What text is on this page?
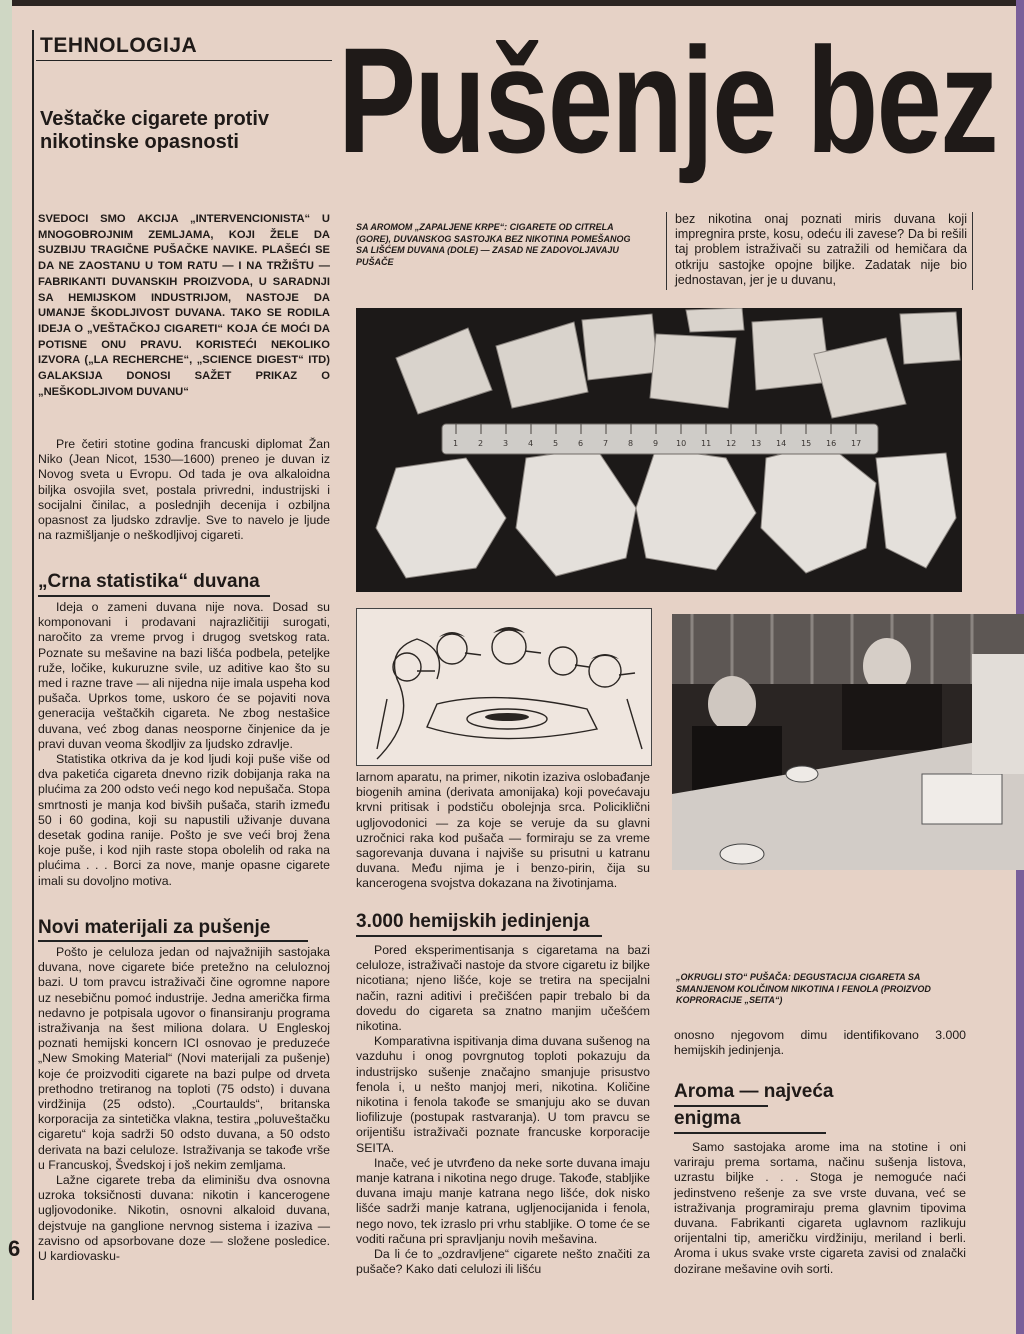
TEHNOLOGIJA
Veštačke cigarete protiv nikotinske opasnosti Pušenje bez
SVEDOCI SMO AKCIJA „INTERVENCIONISTA“ U MNOGOBROJNIM ZEMLJAMA, KOJI ŽELE DA SUZBIJU TRAGIČNE PUŠAČKE NAVIKE. PLAŠEĆI SE DA NE ZAOSTANU U TOM RATU — I NA TRŽIŠTU — FABRIKANTI DUVANSKIH PROIZVODA, U SARADNJI SA HEMIJSKOM INDUSTRIJOM, NASTOJE DA UMANJE ŠKODLJIVOST DUVANA. TAKO SE RODILA IDEJA O „VEŠTAČKOJ CIGARETI“ KOJA ĆE MOĆI DA POTISNE ONU PRAVU. KORISTEĆI NEKOLIKO IZVORA („LA RECHERCHE“, „SCIENCE DIGEST“ ITD) GALAKSIJA DONOSI SAŽET PRIKAZ O „NEŠKODLJIVOM DUVANU“

Pre četiri stotine godina francuski diplomat Žan Niko (Jean Nicot, 1530—1600) preneo je duvan iz Novog sveta u Evropu. Od tada je ova alkaloidna biljka osvojila svet, postala privredni, industrijski i socijalni činilac, a poslednjih decenija i ozbiljna opasnost za ljudsko zdravlje. Sve to navelo je ljude na razmišljanje o neškodljivoj cigareti.

„Crna statistika“ duvana

Ideja o zameni duvana nije nova. Dosad su komponovani i prodavani najrazličitiji surogati, naročito za vreme prvog i drugog svetskog rata. Poznate su mešavine na bazi lišća podbela, peteljke ruže, ločike, kukuruzne svile, uz aditive kao što su med i razne trave — ali nijedna nije imala uspeha kod pušača. Uprkos tome, uskoro će se pojaviti nova generacija veštačkih cigareta. Ne zbog nestašice duvana, već zbog danas neosporne činjenice da je pravi duvan veoma škodljiv za ljudsko zdravlje.

Statistika otkriva da je kod ljudi koji puše više od dva paketića cigareta dnevno rizik dobijanja raka na plućima za 200 odsto veći nego kod nepušača. Stopa smrtnosti je manja kod bivših pušača, starih između 50 i 60 godina, koji su napustili uživanje duvana desetak godina ranije. Pošto je sve veći broj žena koje puše, i kod njih raste stopa obolelih od raka na plućima . . . Borci za nove, manje opasne cigarete imali su dovoljno motiva.

Novi materijali za pušenje

Pošto je celuloza jedan od najvažnijih sastojaka duvana, nove cigarete biće pretežno na celuloznoj bazi. U tom pravcu istraživači čine ogromne napore uz nesebičnu pomoć industrije. Jedna američka firma nedavno je potpisala ugovor o finansiranju programa istraživanja na šest miliona dolara. U Engleskoj poznati hemijski koncern ICI osnovao je preduzeće „New Smoking Material“ (Novi materijali za pušenje) koje će proizvoditi cigarete na bazi pulpe od drveta prethodno tretiranog na toploti (75 odsto) i duvana virdžinija (25 odsto). „Courtaulds“, britanska korporacija za sintetička vlakna, testira „poluveštačku cigaretu“ koja sadrži 50 odsto duvana, a 50 odsto derivata na bazi celuloze. Istraživanja se takođe vrše u Francuskoj, Švedskoj i još nekim zemljama.

Lažne cigarete treba da eliminišu dva osnovna uzroka toksičnosti duvana: nikotin i kancerogene ugljovodonike. Nikotin, osnovni alkaloid duvana, dejstvuje na ganglione nervnog sistema i izaziva — zavisno od apsorbovane doze — složene posledice. U kardiovasku-

6
SA AROMOM „ZAPALJENE KRPE“: CIGARETE OD CITRELA (GORE), DUVANSKOG SASTOJKA BEZ NIKOTINA POMEŠANOG SA LIŠĆEM DUVANA (DOLE) — ZASAD NE ZADOVOLJAVAJU PUŠAČE

bez nikotina onaj poznati miris duvana koji impregnira prste, kosu, odeću ili zavese? Da bi rešili taj problem istraživači su zatražili od hemičara da otkriju sastojke opojne biljke. Zadatak nije bio jednostavan, jer je u duvanu,

1 2 3 4 5 6 7 8 9 10 11 12 13 14 15 16 17

larnom aparatu, na primer, nikotin izaziva oslobađanje biogenih amina (derivata amonijaka) koji povećavaju krvni pritisak i podstiču obolejnja srca. Policiklični ugljovodonici — za koje se veruje da su glavni uzročnici raka kod pušača — formiraju se za vreme sagorevanja duvana i najviše su prisutni u katranu duvana. Među njima je i benzo-pirin, čija su kancerogena svojstva dokazana na životinjama.

3.000 hemijskih jedinjenja

Pored eksperimentisanja s cigaretama na bazi celuloze, istraživači nastoje da stvore cigaretu iz biljke nicotiana; njeno lišće, koje se tretira na specijalni način, razni aditivi i prečišćen papir trebalo bi da dovedu do cigareta sa znatno manjim učešćem nikotina.

Komparativna ispitivanja dima duvana sušenog na vazduhu i onog povrgnutog toploti pokazuju da industrijsko sušenje značajno smanjuje prisustvo fenola i, u nešto manjoj meri, nikotina. Količine nikotina i fenola takođe se smanjuju ako se duvan liofilizuje (postupak rastvaranja). U tom pravcu se orijentišu istraživači poznate francuske korporacije SEITA.

Inače, već je utvrđeno da neke sorte duvana imaju manje katrana i nikotina nego druge. Takođe, stabljike duvana imaju manje katrana nego lišće, dok nisko lišće sadrži manje katrana, ugljenocijanida i fenola, nego novo, tek izraslo pri vrhu stabljike. O tome će se voditi računa pri spravljanju novih mešavina.

Da li će to „ozdravljene“ cigarete nešto značiti za pušače? Kako dati celulozi ili lišću

„OKRUGLI STO“ PUŠAČA: DEGUSTACIJA CIGARETA SA SMANJENOM KOLIČINOM NIKOTINA I FENOLA (PROIZVOD KOPRORACIJE „SEITA“)

onosno njegovom dimu identifikovano 3.000 hemijskih jedinjenja.

Aroma — najveća enigma

Samo sastojaka arome ima na stotine i oni variraju prema sortama, načinu sušenja listova, uzrastu biljke . . . Stoga je nemoguće naći jedinstveno rešenje za sve vrste duvana, već se istraživanja programiraju prema glavnim tipovima duvana. Fabrikanti cigareta uglavnom razlikuju orijentalni tip, američku virdžiniju, meriland i berli. Aroma i ukus svake vrste cigareta zavisi od znalački dozirane mešavine ovih sorti.
